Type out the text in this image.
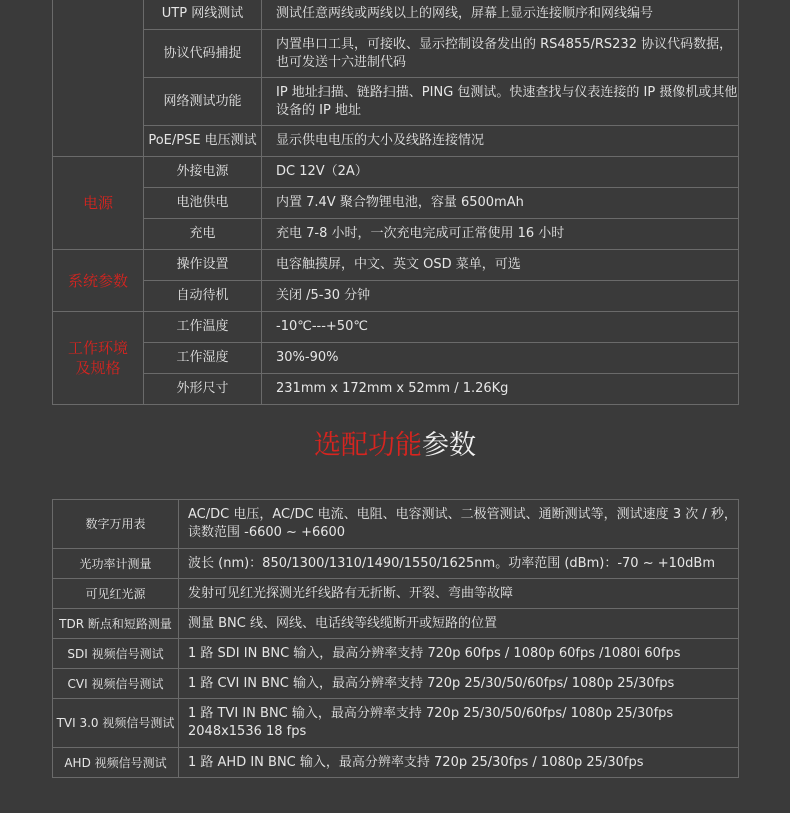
	UTP 网线测试	测试任意两线或两线以上的网线，屏幕上显示连接顺序和网线编号
	协议代码捕捉	内置串口工具，可接收、显示控制设备发出的 RS4855/RS232 协议代码数据，也可发送十六进制代码
	网络测试功能	IP 地址扫描、链路扫描、PING 包测试。快速查找与仪表连接的 IP 摄像机或其他设备的 IP 地址
	PoE/PSE 电压测试	显示供电电压的大小及线路连接情况
电源	外接电源	DC 12V（2A）
	电池供电	内置 7.4V 聚合物锂电池，容量 6500mAh
	充电	充电 7-8 小时，一次充电完成可正常使用 16 小时
系统参数	操作设置	电容触摸屏，中文、英文 OSD 菜单，可选
	自动待机	关闭 /5-30 分钟

工作环境及规格	工作温度	-10℃---+50℃
	工作湿度	30%-90%
	外形尺寸	231mm x 172mm x 52mm / 1.26Kg
选配功能参数
数字万用表	AC/DC 电压，AC/DC 电流、电阻、电容测试、二极管测试、通断测试等，测试速度 3 次 / 秒，读数范围 -6600 ~ +6600
光功率计测量	波长 (nm)：850/1300/1310/1490/1550/1625nm。功率范围 (dBm)：-70 ~ +10dBm
可见红光源	发射可见红光探测光纤线路有无折断、开裂、弯曲等故障
TDR 断点和短路测量	测量 BNC 线、网线、电话线等线缆断开或短路的位置
SDI 视频信号测试	1 路 SDI IN BNC 输入，最高分辨率支持 720p 60fps / 1080p 60fps /1080i 60fps
CVI 视频信号测试	1 路 CVI IN BNC 输入，最高分辨率支持 720p 25/30/50/60fps/ 1080p 25/30fps
TVI 3.0 视频信号测试	1 路 TVI IN BNC 输入，最高分辨率支持 720p 25/30/50/60fps/ 1080p 25/30fps 2048x1536 18 fps
AHD 视频信号测试	1 路 AHD IN BNC 输入，最高分辨率支持 720p 25/30fps / 1080p 25/30fps
